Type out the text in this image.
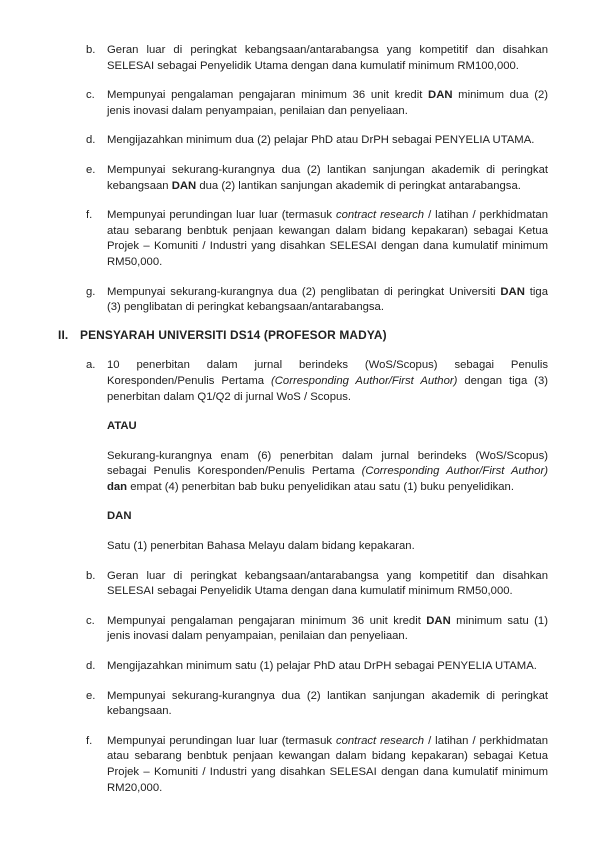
b.	Geran luar di peringkat kebangsaan/antarabangsa yang kompetitif dan disahkan SELESAI sebagai Penyelidik Utama dengan dana kumulatif minimum RM100,000.

c.	Mempunyai pengalaman pengajaran minimum 36 unit kredit DAN minimum dua (2) jenis inovasi dalam penyampaian, penilaian dan penyeliaan.

d.	Mengijazahkan minimum dua (2) pelajar PhD atau DrPH sebagai PENYELIA UTAMA.

e.	Mempunyai sekurang-kurangnya dua (2) lantikan sanjungan akademik di peringkat kebangsaan DAN dua (2) lantikan sanjungan akademik di peringkat antarabangsa.

f.	Mempunyai perundingan luar luar (termasuk contract research / latihan / perkhidmatan atau sebarang benbtuk penjaan kewangan dalam bidang kepakaran) sebagai Ketua Projek – Komuniti / Industri yang disahkan SELESAI dengan dana kumulatif minimum RM50,000.

g.	Mempunyai sekurang-kurangnya dua (2) penglibatan di peringkat Universiti DAN tiga (3) penglibatan di peringkat kebangsaan/antarabangsa.

II. PENSYARAH UNIVERSITI DS14 (PROFESOR MADYA)
a.	10 penerbitan dalam jurnal berindeks (WoS/Scopus) sebagai Penulis Koresponden/Penulis Pertama (Corresponding Author/First Author) dengan tiga (3) penerbitan dalam Q1/Q2 di jurnal WoS / Scopus.

ATAU

Sekurang-kurangnya enam (6) penerbitan dalam jurnal berindeks (WoS/Scopus) sebagai Penulis Koresponden/Penulis Pertama (Corresponding Author/First Author) dan empat (4) penerbitan bab buku penyelidikan atau satu (1) buku penyelidikan.

DAN

Satu (1) penerbitan Bahasa Melayu dalam bidang kepakaran.

b.	Geran luar di peringkat kebangsaan/antarabangsa yang kompetitif dan disahkan SELESAI sebagai Penyelidik Utama dengan dana kumulatif minimum RM50,000.

c.	Mempunyai pengalaman pengajaran minimum 36 unit kredit DAN minimum satu (1) jenis inovasi dalam penyampaian, penilaian dan penyeliaan.

d.	Mengijazahkan minimum satu (1) pelajar PhD atau DrPH sebagai PENYELIA UTAMA.

e.	Mempunyai sekurang-kurangnya dua (2) lantikan sanjungan akademik di peringkat kebangsaan.

f.	Mempunyai perundingan luar luar (termasuk contract research / latihan / perkhidmatan atau sebarang benbtuk penjaan kewangan dalam bidang kepakaran) sebagai Ketua Projek – Komuniti / Industri yang disahkan SELESAI dengan dana kumulatif minimum RM20,000.
